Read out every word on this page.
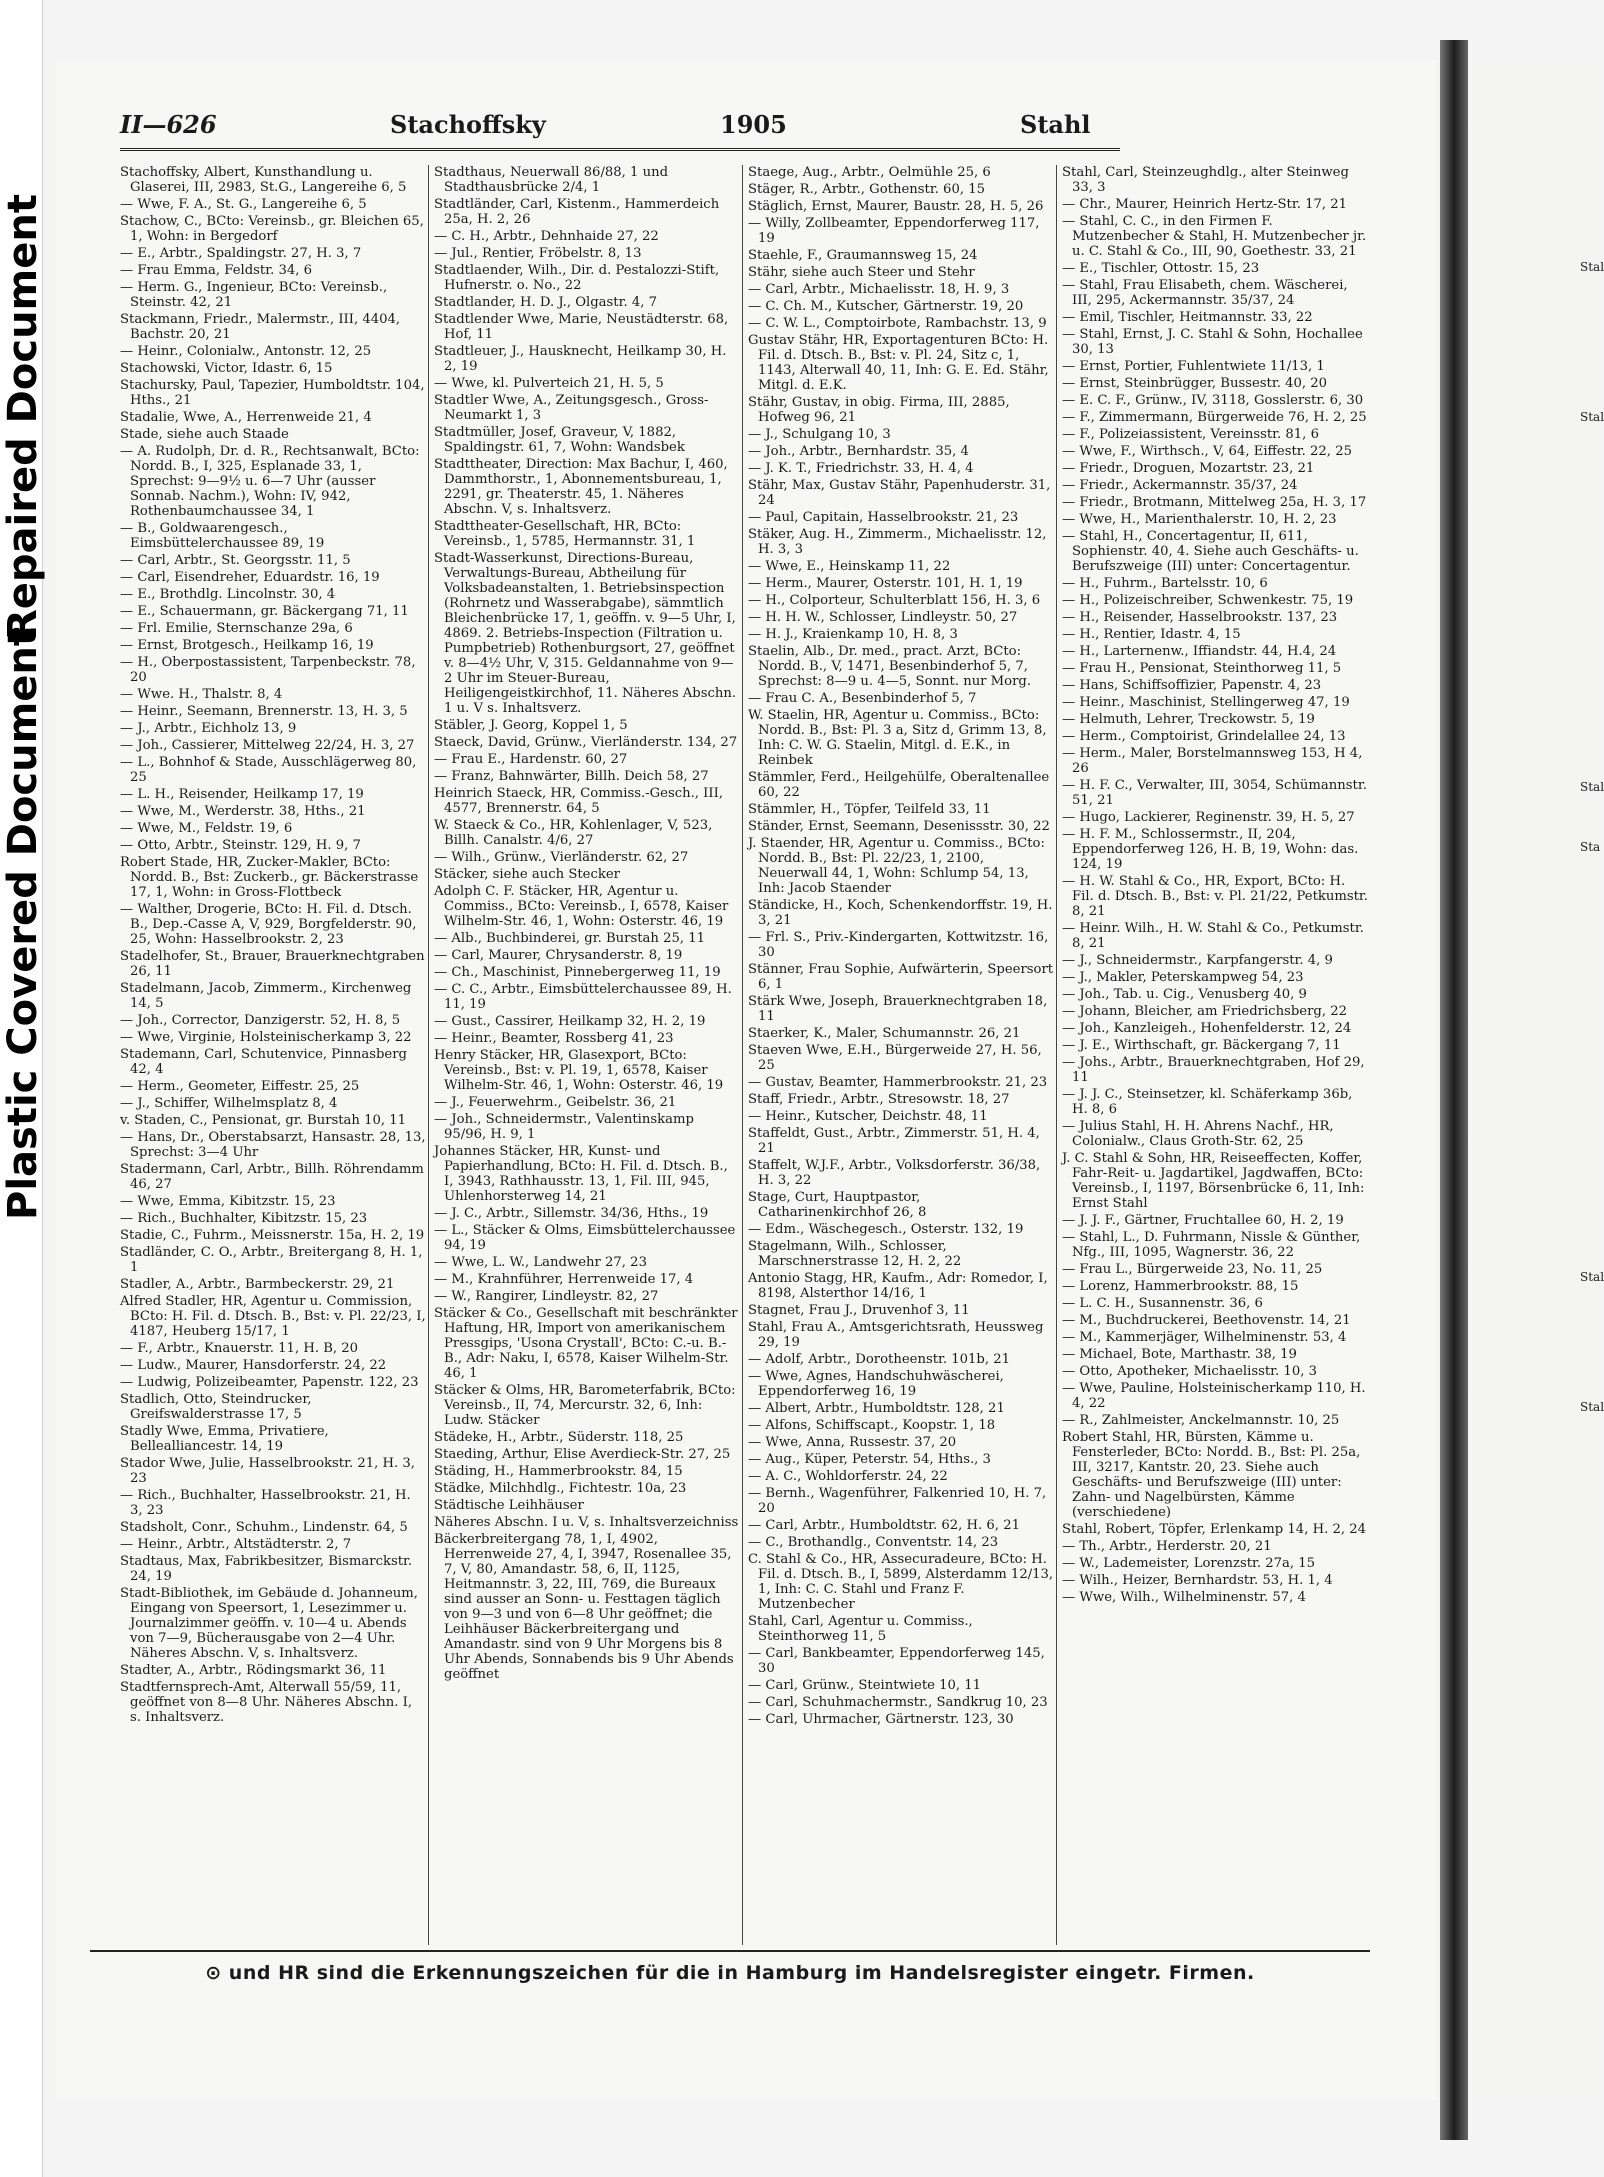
Repaired Document
Plastic Covered Document
II—626	Stachoffsky	1905	Stahl

Stachoffsky, Albert, Kunsthandlung u. Glaserei, III, 2983, St.G., Langereihe 6, 5

— Wwe, F. A., St. G., Langereihe 6, 5

Stachow, C., BCto: Vereinsb., gr. Bleichen 65, 1, Wohn: in Bergedorf

— E., Arbtr., Spaldingstr. 27, H. 3, 7

— Frau Emma, Feldstr. 34, 6

— Herm. G., Ingenieur, BCto: Vereinsb., Steinstr. 42, 21

Stackmann, Friedr., Malermstr., III, 4404, Bachstr. 20, 21

— Heinr., Colonialw., Antonstr. 12, 25

Stachowski, Victor, Idastr. 6, 15

Stachursky, Paul, Tapezier, Humboldtstr. 104, Hths., 21

Stadalie, Wwe, A., Herrenweide 21, 4

Stade, siehe auch Staade

— A. Rudolph, Dr. d. R., Rechtsanwalt, BCto: Nordd. B., I, 325, Esplanade 33, 1, Sprechst: 9—9½ u. 6—7 Uhr (ausser Sonnab. Nachm.), Wohn: IV, 942, Rothenbaumchaussee 34, 1

— B., Goldwaarengesch., Eimsbüttelerchaussee 89, 19

— Carl, Arbtr., St. Georgsstr. 11, 5

— Carl, Eisendreher, Eduardstr. 16, 19

— E., Brothdlg. Lincolnstr. 30, 4

— E., Schauermann, gr. Bäckergang 71, 11

— Frl. Emilie, Sternschanze 29a, 6

— Ernst, Brotgesch., Heilkamp 16, 19

— H., Oberpostassistent, Tarpenbeckstr. 78, 20

— Wwe. H., Thalstr. 8, 4

— Heinr., Seemann, Brennerstr. 13, H. 3, 5

— J., Arbtr., Eichholz 13, 9

— Joh., Cassierer, Mittelweg 22/24, H. 3, 27

— L., Bohnhof & Stade, Ausschlägerweg 80, 25

— L. H., Reisender, Heilkamp 17, 19

— Wwe, M., Werderstr. 38, Hths., 21

— Wwe, M., Feldstr. 19, 6

— Otto, Arbtr., Steinstr. 129, H. 9, 7

Robert Stade, HR, Zucker-Makler, BCto: Nordd. B., Bst: Zuckerb., gr. Bäckerstrasse 17, 1, Wohn: in Gross-Flottbeck

— Walther, Drogerie, BCto: H. Fil. d. Dtsch. B., Dep.-Casse A, V, 929, Borgfelderstr. 90, 25, Wohn: Hasselbrookstr. 2, 23

Stadelhofer, St., Brauer, Brauerknechtgraben 26, 11

Stadelmann, Jacob, Zimmerm., Kirchenweg 14, 5

— Joh., Corrector, Danzigerstr. 52, H. 8, 5

— Wwe, Virginie, Holsteinischerkamp 3, 22

Stademann, Carl, Schutenvice, Pinnasberg 42, 4

— Herm., Geometer, Eiffestr. 25, 25

— J., Schiffer, Wilhelmsplatz 8, 4

v. Staden, C., Pensionat, gr. Burstah 10, 11

— Hans, Dr., Oberstabsarzt, Hansastr. 28, 13, Sprechst: 3—4 Uhr

Stadermann, Carl, Arbtr., Billh. Röhrendamm 46, 27

— Wwe, Emma, Kibitzstr. 15, 23

— Rich., Buchhalter, Kibitzstr. 15, 23

Stadie, C., Fuhrm., Meissnerstr. 15a, H. 2, 19

Stadländer, C. O., Arbtr., Breitergang 8, H. 1, 1

Stadler, A., Arbtr., Barmbeckerstr. 29, 21

Alfred Stadler, HR, Agentur u. Commission, BCto: H. Fil. d. Dtsch. B., Bst: v. Pl. 22/23, I, 4187, Heuberg 15/17, 1

— F., Arbtr., Knauerstr. 11, H. B, 20

— Ludw., Maurer, Hansdorferstr. 24, 22

— Ludwig, Polizeibeamter, Papenstr. 122, 23

Stadlich, Otto, Steindrucker, Greifswalderstrasse 17, 5

Stadly Wwe, Emma, Privatiere, Bellealliancestr. 14, 19

Stador Wwe, Julie, Hasselbrookstr. 21, H. 3, 23

— Rich., Buchhalter, Hasselbrookstr. 21, H. 3, 23

Stadsholt, Conr., Schuhm., Lindenstr. 64, 5

— Heinr., Arbtr., Altstädterstr. 2, 7

Stadtaus, Max, Fabrikbesitzer, Bismarckstr. 24, 19

Stadt-Bibliothek, im Gebäude d. Johanneum, Eingang von Speersort, 1, Lesezimmer u. Journalzimmer geöffn. v. 10—4 u. Abends von 7—9, Bücherausgabe von 2—4 Uhr. Näheres Abschn. V, s. Inhaltsverz.

Stadter, A., Arbtr., Rödingsmarkt 36, 11

Stadtfernsprech-Amt, Alterwall 55/59, 11, geöffnet von 8—8 Uhr. Näheres Abschn. I, s. Inhaltsverz.

Stadthaus, Neuerwall 86/88, 1 und Stadthausbrücke 2/4, 1

Stadtländer, Carl, Kistenm., Hammerdeich 25a, H. 2, 26

— C. H., Arbtr., Dehnhaide 27, 22

— Jul., Rentier, Fröbelstr. 8, 13

Stadtlaender, Wilh., Dir. d. Pestalozzi-Stift, Hufnerstr. o. No., 22

Stadtlander, H. D. J., Olgastr. 4, 7

Stadtlender Wwe, Marie, Neustädterstr. 68, Hof, 11

Stadtleuer, J., Hausknecht, Heilkamp 30, H. 2, 19

— Wwe, kl. Pulverteich 21, H. 5, 5

Stadtler Wwe, A., Zeitungsgesch., Gross-Neumarkt 1, 3

Stadtmüller, Josef, Graveur, V, 1882, Spaldingstr. 61, 7, Wohn: Wandsbek

Stadttheater, Direction: Max Bachur, I, 460, Dammthorstr., 1, Abonnementsbureau, 1, 2291, gr. Theaterstr. 45, 1. Näheres Abschn. V, s. Inhaltsverz.

Stadttheater-Gesellschaft, HR, BCto: Vereinsb., 1, 5785, Hermannstr. 31, 1

Stadt-Wasserkunst, Directions-Bureau, Verwaltungs-Bureau, Abtheilung für Volksbadeanstalten, 1. Betriebsinspection (Rohrnetz und Wasserabgabe), sämmtlich Bleichenbrücke 17, 1, geöffn. v. 9—5 Uhr, I, 4869. 2. Betriebs-Inspection (Filtration u. Pumpbetrieb) Rothenburgsort, 27, geöffnet v. 8—4½ Uhr, V, 315. Geldannahme von 9—2 Uhr im Steuer-Bureau, Heiligengeistkirchhof, 11. Näheres Abschn. 1 u. V s. Inhaltsverz.

Stäbler, J. Georg, Koppel 1, 5

Staeck, David, Grünw., Vierländerstr. 134, 27

— Frau E., Hardenstr. 60, 27

— Franz, Bahnwärter, Billh. Deich 58, 27

Heinrich Staeck, HR, Commiss.-Gesch., III, 4577, Brennerstr. 64, 5

W. Staeck & Co., HR, Kohlenlager, V, 523, Billh. Canalstr. 4/6, 27

— Wilh., Grünw., Vierländerstr. 62, 27

Stäcker, siehe auch Stecker

Adolph C. F. Stäcker, HR, Agentur u. Commiss., BCto: Vereinsb., I, 6578, Kaiser Wilhelm-Str. 46, 1, Wohn: Osterstr. 46, 19

— Alb., Buchbinderei, gr. Burstah 25, 11

— Carl, Maurer, Chrysanderstr. 8, 19

— Ch., Maschinist, Pinnebergerweg 11, 19

— C. C., Arbtr., Eimsbüttelerchaussee 89, H. 11, 19

— Gust., Cassirer, Heilkamp 32, H. 2, 19

— Heinr., Beamter, Rossberg 41, 23

Henry Stäcker, HR, Glasexport, BCto: Vereinsb., Bst: v. Pl. 19, 1, 6578, Kaiser Wilhelm-Str. 46, 1, Wohn: Osterstr. 46, 19

— J., Feuerwehrm., Geibelstr. 36, 21

— Joh., Schneidermstr., Valentinskamp 95/96, H. 9, 1

Johannes Stäcker, HR, Kunst- und Papierhandlung, BCto: H. Fil. d. Dtsch. B., I, 3943, Rathhausstr. 13, 1, Fil. III, 945, Uhlenhorsterweg 14, 21

— J. C., Arbtr., Sillemstr. 34/36, Hths., 19

— L., Stäcker & Olms, Eimsbüttelerchaussee 94, 19

— Wwe, L. W., Landwehr 27, 23

— M., Krahnführer, Herrenweide 17, 4

— W., Rangirer, Lindleystr. 82, 27

Stäcker & Co., Gesellschaft mit beschränkter Haftung, HR, Import von amerikanischem Pressgips, 'Usona Crystall', BCto: C.-u. B.-B., Adr: Naku, I, 6578, Kaiser Wilhelm-Str. 46, 1

Stäcker & Olms, HR, Barometerfabrik, BCto: Vereinsb., II, 74, Mercurstr. 32, 6, Inh: Ludw. Stäcker

Städeke, H., Arbtr., Süderstr. 118, 25

Staeding, Arthur, Elise Averdieck-Str. 27, 25

Städing, H., Hammerbrookstr. 84, 15

Städke, Milchhdlg., Fichtestr. 10a, 23

Städtische Leihhäuser

Näheres Abschn. I u. V, s. Inhaltsverzeichniss

Bäckerbreitergang 78, 1, I, 4902, Herrenweide 27, 4, I, 3947, Rosenallee 35, 7, V, 80, Amandastr. 58, 6, II, 1125, Heitmannstr. 3, 22, III, 769, die Bureaux sind ausser an Sonn- u. Festtagen täglich von 9—3 und von 6—8 Uhr geöffnet; die Leihhäuser Bäckerbreitergang und Amandastr. sind von 9 Uhr Morgens bis 8 Uhr Abends, Sonnabends bis 9 Uhr Abends geöffnet

Staege, Aug., Arbtr., Oelmühle 25, 6

Stäger, R., Arbtr., Gothenstr. 60, 15

Stäglich, Ernst, Maurer, Baustr. 28, H. 5, 26

— Willy, Zollbeamter, Eppendorferweg 117, 19

Staehle, F., Graumannsweg 15, 24

Stähr, siehe auch Steer und Stehr

— Carl, Arbtr., Michaelisstr. 18, H. 9, 3

— C. Ch. M., Kutscher, Gärtnerstr. 19, 20

— C. W. L., Comptoirbote, Rambachstr. 13, 9

Gustav Stähr, HR, Exportagenturen BCto: H. Fil. d. Dtsch. B., Bst: v. Pl. 24, Sitz c, 1, 1143, Alterwall 40, 11, Inh: G. E. Ed. Stähr, Mitgl. d. E.K.

Stähr, Gustav, in obig. Firma, III, 2885, Hofweg 96, 21

— J., Schulgang 10, 3

— Joh., Arbtr., Bernhardstr. 35, 4

— J. K. T., Friedrichstr. 33, H. 4, 4

Stähr, Max, Gustav Stähr, Papenhuderstr. 31, 24

— Paul, Capitain, Hasselbrookstr. 21, 23

Stäker, Aug. H., Zimmerm., Michaelisstr. 12, H. 3, 3

— Wwe, E., Heinskamp 11, 22

— Herm., Maurer, Osterstr. 101, H. 1, 19

— H., Colporteur, Schulterblatt 156, H. 3, 6

— H. H. W., Schlosser, Lindleystr. 50, 27

— H. J., Kraienkamp 10, H. 8, 3

Staelin, Alb., Dr. med., pract. Arzt, BCto: Nordd. B., V, 1471, Besenbinderhof 5, 7, Sprechst: 8—9 u. 4—5, Sonnt. nur Morg.

— Frau C. A., Besenbinderhof 5, 7

W. Staelin, HR, Agentur u. Commiss., BCto: Nordd. B., Bst: Pl. 3 a, Sitz d, Grimm 13, 8, Inh: C. W. G. Staelin, Mitgl. d. E.K., in Reinbek

Stämmler, Ferd., Heilgehülfe, Oberaltenallee 60, 22

Stämmler, H., Töpfer, Teilfeld 33, 11

Ständer, Ernst, Seemann, Desenissstr. 30, 22

J. Staender, HR, Agentur u. Commiss., BCto: Nordd. B., Bst: Pl. 22/23, 1, 2100, Neuerwall 44, 1, Wohn: Schlump 54, 13, Inh: Jacob Staender

Ständicke, H., Koch, Schenkendorffstr. 19, H. 3, 21

— Frl. S., Priv.-Kindergarten, Kottwitzstr. 16, 30

Stänner, Frau Sophie, Aufwärterin, Speersort 6, 1

Stärk Wwe, Joseph, Brauerknechtgraben 18, 11

Staerker, K., Maler, Schumannstr. 26, 21

Staeven Wwe, E.H., Bürgerweide 27, H. 56, 25

— Gustav, Beamter, Hammerbrookstr. 21, 23

Staff, Friedr., Arbtr., Stresowstr. 18, 27

— Heinr., Kutscher, Deichstr. 48, 11

Staffeldt, Gust., Arbtr., Zimmerstr. 51, H. 4, 21

Staffelt, W.J.F., Arbtr., Volksdorferstr. 36/38, H. 3, 22

Stage, Curt, Hauptpastor, Catharinenkirchhof 26, 8

— Edm., Wäschegesch., Osterstr. 132, 19

Stagelmann, Wilh., Schlosser, Marschnerstrasse 12, H. 2, 22

Antonio Stagg, HR, Kaufm., Adr: Romedor, I, 8198, Alsterthor 14/16, 1

Stagnet, Frau J., Druvenhof 3, 11

Stahl, Frau A., Amtsgerichtsrath, Heussweg 29, 19

— Adolf, Arbtr., Dorotheenstr. 101b, 21

— Wwe, Agnes, Handschuhwäscherei, Eppendorferweg 16, 19

— Albert, Arbtr., Humboldtstr. 128, 21

— Alfons, Schiffscapt., Koopstr. 1, 18

— Wwe, Anna, Russestr. 37, 20

— Aug., Küper, Peterstr. 54, Hths., 3

— A. C., Wohldorferstr. 24, 22

— Bernh., Wagenführer, Falkenried 10, H. 7, 20

— Carl, Arbtr., Humboldtstr. 62, H. 6, 21

— C., Brothandlg., Conventstr. 14, 23

C. Stahl & Co., HR, Assecuradeure, BCto: H. Fil. d. Dtsch. B., I, 5899, Alsterdamm 12/13, 1, Inh: C. C. Stahl und Franz F. Mutzenbecher

Stahl, Carl, Agentur u. Commiss., Steinthorweg 11, 5

— Carl, Bankbeamter, Eppendorferweg 145, 30

— Carl, Grünw., Steintwiete 10, 11

— Carl, Schuhmachermstr., Sandkrug 10, 23

— Carl, Uhrmacher, Gärtnerstr. 123, 30

Stahl, Carl, Steinzeughdlg., alter Steinweg 33, 3

— Chr., Maurer, Heinrich Hertz-Str. 17, 21

— Stahl, C. C., in den Firmen F. Mutzenbecher & Stahl, H. Mutzenbecher jr. u. C. Stahl & Co., III, 90, Goethestr. 33, 21

— E., Tischler, Ottostr. 15, 23

— Stahl, Frau Elisabeth, chem. Wäscherei, III, 295, Ackermannstr. 35/37, 24

— Emil, Tischler, Heitmannstr. 33, 22

— Stahl, Ernst, J. C. Stahl & Sohn, Hochallee 30, 13

— Ernst, Portier, Fuhlentwiete 11/13, 1

— Ernst, Steinbrügger, Bussestr. 40, 20

— E. C. F., Grünw., IV, 3118, Gosslerstr. 6, 30

— F., Zimmermann, Bürgerweide 76, H. 2, 25

— F., Polizeiassistent, Vereinsstr. 81, 6

— Wwe, F., Wirthsch., V, 64, Eiffestr. 22, 25

— Friedr., Droguen, Mozartstr. 23, 21

— Friedr., Ackermannstr. 35/37, 24

— Friedr., Brotmann, Mittelweg 25a, H. 3, 17

— Wwe, H., Marienthalerstr. 10, H. 2, 23

— Stahl, H., Concertagentur, II, 611, Sophienstr. 40, 4. Siehe auch Geschäfts- u. Berufszweige (III) unter: Concertagentur.

— H., Fuhrm., Bartelsstr. 10, 6

— H., Polizeischreiber, Schwenkestr. 75, 19

— H., Reisender, Hasselbrookstr. 137, 23

— H., Rentier, Idastr. 4, 15

— H., Larternenw., Iffiandstr. 44, H.4, 24

— Frau H., Pensionat, Steinthorweg 11, 5

— Hans, Schiffsoffizier, Papenstr. 4, 23

— Heinr., Maschinist, Stellingerweg 47, 19

— Helmuth, Lehrer, Treckowstr. 5, 19

— Herm., Comptoirist, Grindelallee 24, 13

— Herm., Maler, Borstelmannsweg 153, H 4, 26

— H. F. C., Verwalter, III, 3054, Schümannstr. 51, 21

— Hugo, Lackierer, Reginenstr. 39, H. 5, 27

— H. F. M., Schlossermstr., II, 204, Eppendorferweg 126, H. B, 19, Wohn: das. 124, 19

— H. W. Stahl & Co., HR, Export, BCto: H. Fil. d. Dtsch. B., Bst: v. Pl. 21/22, Petkumstr. 8, 21

— Heinr. Wilh., H. W. Stahl & Co., Petkumstr. 8, 21

— J., Schneidermstr., Karpfangerstr. 4, 9

— J., Makler, Peterskampweg 54, 23

— Joh., Tab. u. Cig., Venusberg 40, 9

— Johann, Bleicher, am Friedrichsberg, 22

— Joh., Kanzleigeh., Hohenfelderstr. 12, 24

— J. E., Wirthschaft, gr. Bäckergang 7, 11

— Johs., Arbtr., Brauerknechtgraben, Hof 29, 11

— J. J. C., Steinsetzer, kl. Schäferkamp 36b, H. 8, 6

— Julius Stahl, H. H. Ahrens Nachf., HR, Colonialw., Claus Groth-Str. 62, 25

J. C. Stahl & Sohn, HR, Reiseeffecten, Koffer, Fahr-Reit- u. Jagdartikel, Jagdwaffen, BCto: Vereinsb., I, 1197, Börsenbrücke 6, 11, Inh: Ernst Stahl

— J. J. F., Gärtner, Fruchtallee 60, H. 2, 19

— Stahl, L., D. Fuhrmann, Nissle & Günther, Nfg., III, 1095, Wagnerstr. 36, 22

— Frau L., Bürgerweide 23, No. 11, 25

— Lorenz, Hammerbrookstr. 88, 15

— L. C. H., Susannenstr. 36, 6

— M., Buchdruckerei, Beethovenstr. 14, 21

— M., Kammerjäger, Wilhelminenstr. 53, 4

— Michael, Bote, Marthastr. 38, 19

— Otto, Apotheker, Michaelisstr. 10, 3

— Wwe, Pauline, Holsteinischerkamp 110, H. 4, 22

— R., Zahlmeister, Anckelmannstr. 10, 25

Robert Stahl, HR, Bürsten, Kämme u. Fensterleder, BCto: Nordd. B., Bst: Pl. 25a, III, 3217, Kantstr. 20, 23. Siehe auch Geschäfts- und Berufszweige (III) unter: Zahn- und Nagelbürsten, Kämme (verschiedene)

Stahl, Robert, Töpfer, Erlenkamp 14, H. 2, 24

— Th., Arbtr., Herderstr. 20, 21

— W., Lademeister, Lorenzstr. 27a, 15

— Wilh., Heizer, Bernhardstr. 53, H. 1, 4

— Wwe, Wilh., Wilhelminenstr. 57, 4

⊙ und HR sind die Erkennungszeichen für die in Hamburg im Handelsregister eingetr. Firmen.
Stal
Stal
Stal
Sta
Stal
Stal
